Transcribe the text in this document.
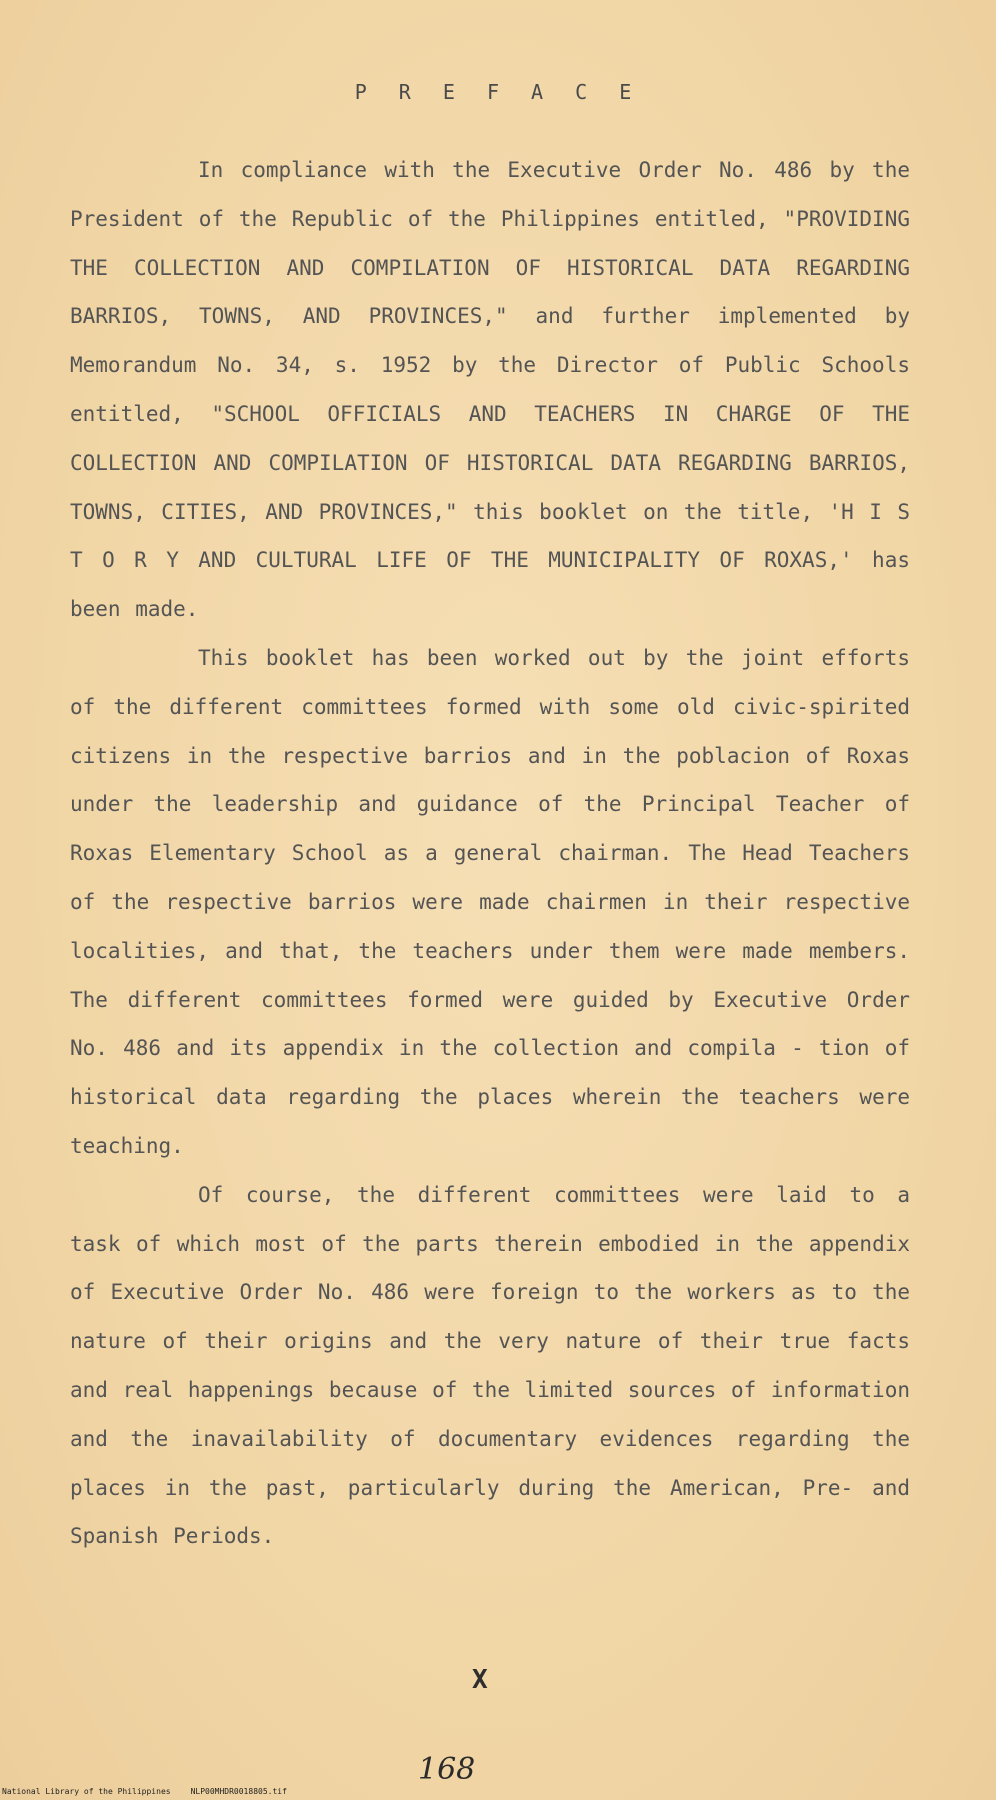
P R E F A C E

In compliance with the Executive Order No. 486 by the President of the Republic of the Philippines entitled, "PROVIDING THE COLLECTION AND COMPILATION OF HISTORICAL DATA REGARDING BARRIOS, TOWNS, AND PROVINCES," and further implemented by Memorandum No. 34, s. 1952 by the Director of Public Schools entitled, "SCHOOL OFFICIALS AND TEACHERS IN CHARGE OF THE COLLECTION AND COMPILATION OF HISTORICAL DATA REGARDING BARRIOS, TOWNS, CITIES, AND PROVINCES," this booklet on the title, 'H I S T O R Y AND CULTURAL LIFE OF THE MUNICIPALITY OF ROXAS,' has been made.

This booklet has been worked out by the joint efforts of the different committees formed with some old civic-spirited citizens in the respective barrios and in the poblacion of Roxas under the leadership and guidance of the Principal Teacher of Roxas Elementary School as a general chairman. The Head Teachers of the respective barrios were made chairmen in their respective localities, and that, the teachers under them were made members. The different committees formed were guided by Executive Order No. 486 and its appendix in the collection and compila - tion of historical data regarding the places wherein the teachers were teaching.

Of course, the different committees were laid to a task of which most of the parts therein embodied in the appendix of Executive Order No. 486 were foreign to the workers as to the nature of their origins and the very nature of their true facts and real happenings because of the limited sources of information and the inavailability of documentary evidences regarding the places in the past, particularly during the American, Pre- and Spanish Periods.

X
168
National Library of the Philippines	NLP00MHDR0018805.tif
